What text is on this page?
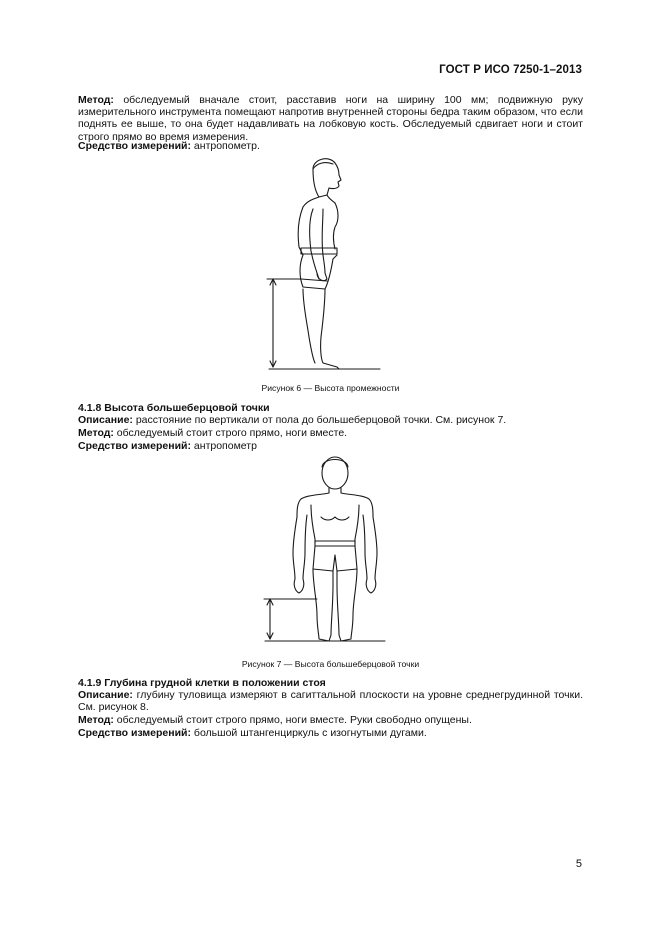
ГОСТ Р ИСО 7250-1–2013
Метод: обследуемый вначале стоит, расставив ноги на ширину 100 мм; подвижную руку измерительного инструмента помещают напротив внутренней стороны бедра таким образом, что если поднять ее выше, то она будет надавливать на лобковую кость. Обследуемый сдвигает ноги и стоит строго прямо во время измерения.
Средство измерений: антропометр.
Рисунок 6 — Высота промежности
4.1.8 Высота большеберцовой точки
Описание: расстояние по вертикали от пола до большеберцовой точки. См. рисунок 7.
Метод: обследуемый стоит строго прямо, ноги вместе.
Средство измерений: антропометр
Рисунок 7 — Высота большеберцовой точки
4.1.9 Глубина грудной клетки в положении стоя
Описание: глубину туловища измеряют в сагиттальной плоскости на уровне среднегрудинной точки. См. рисунок 8.
Метод: обследуемый стоит строго прямо, ноги вместе. Руки свободно опущены.
Средство измерений: большой штангенциркуль с изогнутыми дугами.
5
